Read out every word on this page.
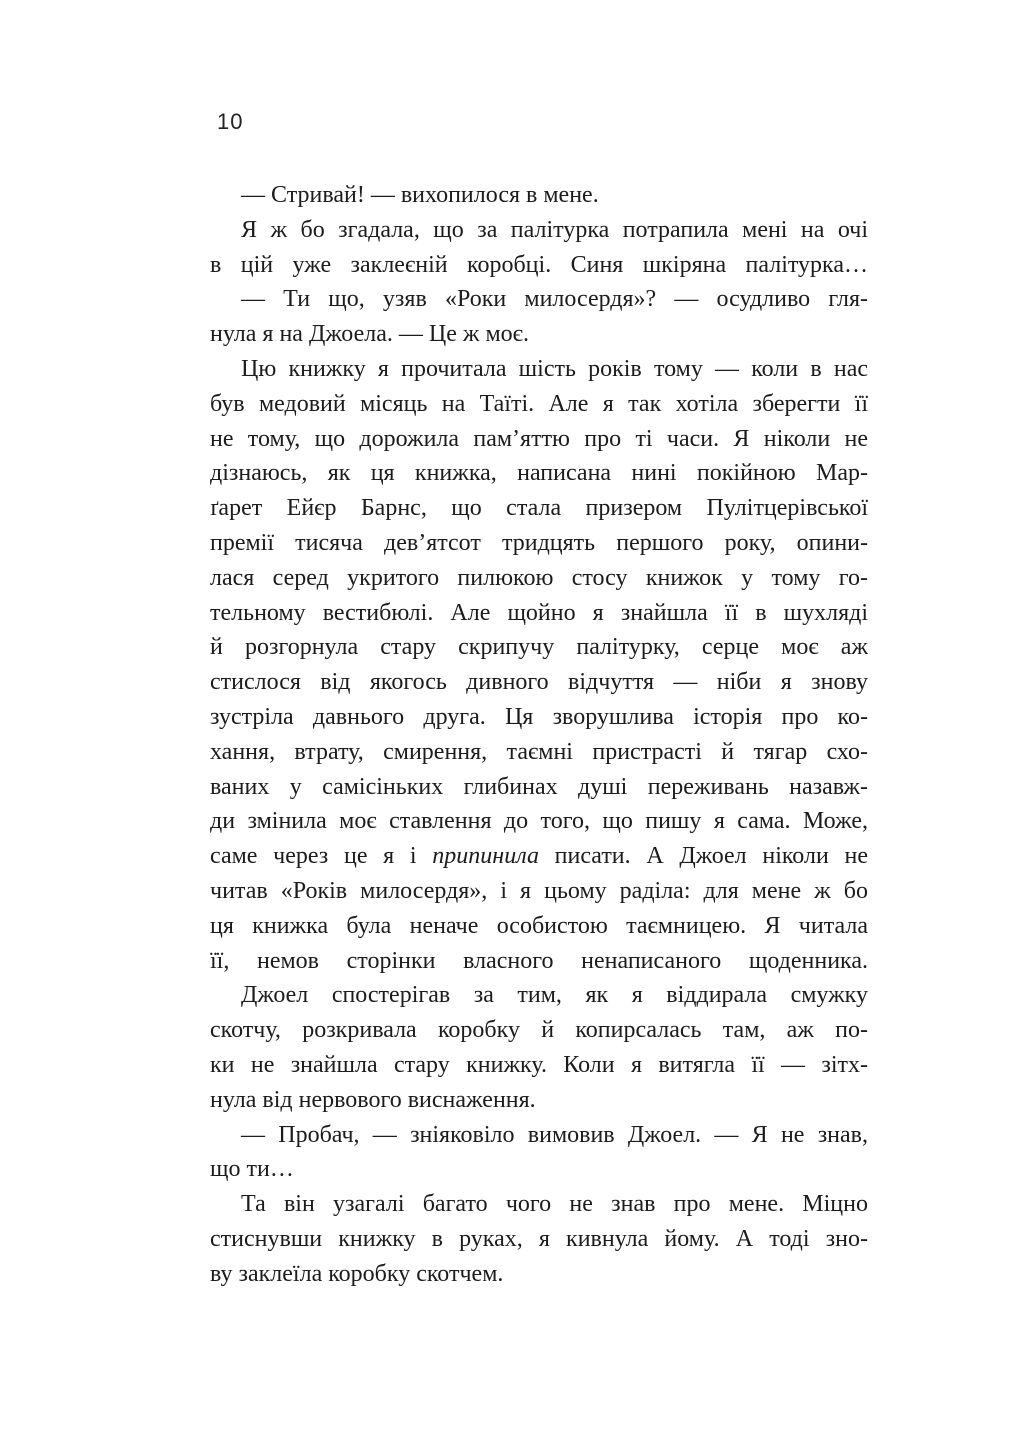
10
— Стривай! — вихопилося в мене.
Я ж бо згадала, що за палітурка потрапила мені на очі
в цій уже заклеєній коробці. Синя шкіряна палітурка…
— Ти що, узяв «Роки милосердя»? — осудливо гля-
нула я на Джоела. — Це ж моє.
Цю книжку я прочитала шість років тому — коли в нас
був медовий місяць на Таїті. Але я так хотіла зберегти її
не тому, що дорожила пам’яттю про ті часи. Я ніколи не
дізнаюсь, як ця книжка, написана нині покійною Мар-
ґарет Ейєр Барнс, що стала призером Пулітцерівської
премії тисяча дев’ятсот тридцять першого року, опини-
лася серед укритого пилюкою стосу книжок у тому го-
тельному вестибюлі. Але щойно я знайшла її в шухляді
й розгорнула стару скрипучу палітурку, серце моє аж
стислося від якогось дивного відчуття — ніби я знову
зустріла давнього друга. Ця зворушлива історія про ко-
хання, втрату, смирення, таємні пристрасті й тягар схо-
ваних у самісіньких глибинах душі переживань назавж-
ди змінила моє ставлення до того, що пишу я сама. Може,
саме через це я і припинила писати. А Джоел ніколи не
читав «Років милосердя», і я цьому раділа: для мене ж бо
ця книжка була неначе особистою таємницею. Я читала
її, немов сторінки власного ненаписаного щоденника.
Джоел спостерігав за тим, як я віддирала смужку
скотчу, розкривала коробку й копирсалась там, аж по-
ки не знайшла стару книжку. Коли я витягла її — зітх-
нула від нервового виснаження.
— Пробач, — зніяковіло вимовив Джоел. — Я не знав,
що ти…
Та він узагалі багато чого не знав про мене. Міцно
стиснувши книжку в руках, я кивнула йому. А тоді зно-
ву заклеїла коробку скотчем.
